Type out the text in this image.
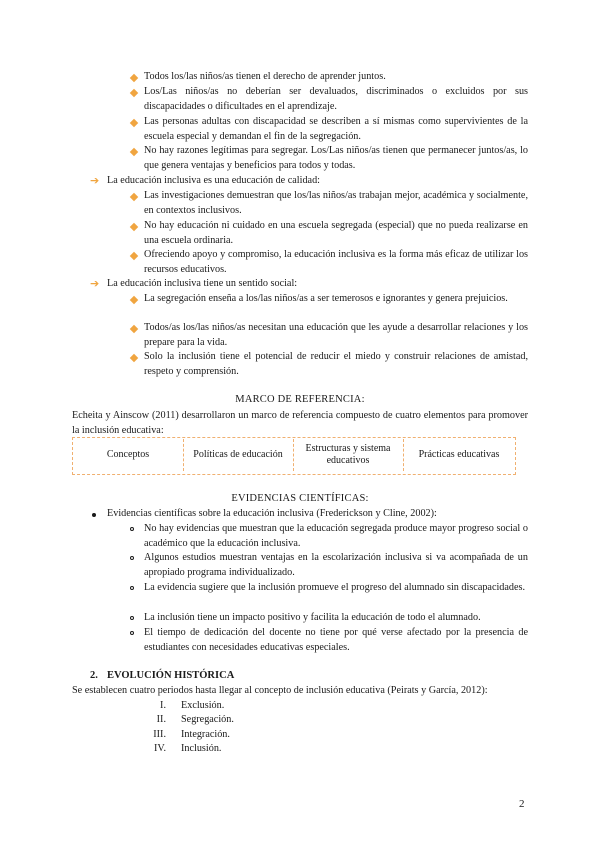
Todos los/las niños/as tienen el derecho de aprender juntos.
Los/Las niños/as no deberían ser devaluados, discriminados o excluidos por sus discapacidades o dificultades en el aprendizaje.
Las personas adultas con discapacidad se describen a sí mismas como supervivientes de la escuela especial y demandan el fin de la segregación.
No hay razones legítimas para segregar. Los/Las niños/as tienen que permanecer juntos/as, lo que genera ventajas y beneficios para todos y todas.
➔ La educación inclusiva es una educación de calidad:
Las investigaciones demuestran que los/las niños/as trabajan mejor, académica y socialmente, en contextos inclusivos.
No hay educación ni cuidado en una escuela segregada (especial) que no pueda realizarse en una escuela ordinaria.
Ofreciendo apoyo y compromiso, la educación inclusiva es la forma más eficaz de utilizar los recursos educativos.
➔ La educación inclusiva tiene un sentido social:
La segregación enseña a los/las niños/as a ser temerosos e ignorantes y genera prejuicios.
Todos/as los/las niños/as necesitan una educación que les ayude a desarrollar relaciones y los prepare para la vida.
Solo la inclusión tiene el potencial de reducir el miedo y construir relaciones de amistad, respeto y comprensión.
MARCO DE REFERENCIA:
Echeita y Ainscow (2011) desarrollaron un marco de referencia compuesto de cuatro elementos para promover la inclusión educativa:
Conceptos	Políticas de educación
Estructuras y sistema educativos
Prácticas educativas
EVIDENCIAS CIENTÍFICAS:
Evidencias científicas sobre la educación inclusiva (Frederickson y Cline, 2002):
No hay evidencias que muestran que la educación segregada produce mayor progreso social o académico que la educación inclusiva.
Algunos estudios muestran ventajas en la escolarización inclusiva si va acompañada de un apropiado programa individualizado.
La evidencia sugiere que la inclusión promueve el progreso del alumnado sin discapacidades.
La inclusión tiene un impacto positivo y facilita la educación de todo el alumnado.
El tiempo de dedicación del docente no tiene por qué verse afectado por la presencia de estudiantes con necesidades educativas especiales.
2. EVOLUCIÓN HISTÓRICA
Se establecen cuatro periodos hasta llegar al concepto de inclusión educativa (Peirats y García, 2012):
I. Exclusión.
II. Segregación.
III. Integración.
IV. Inclusión.
2
